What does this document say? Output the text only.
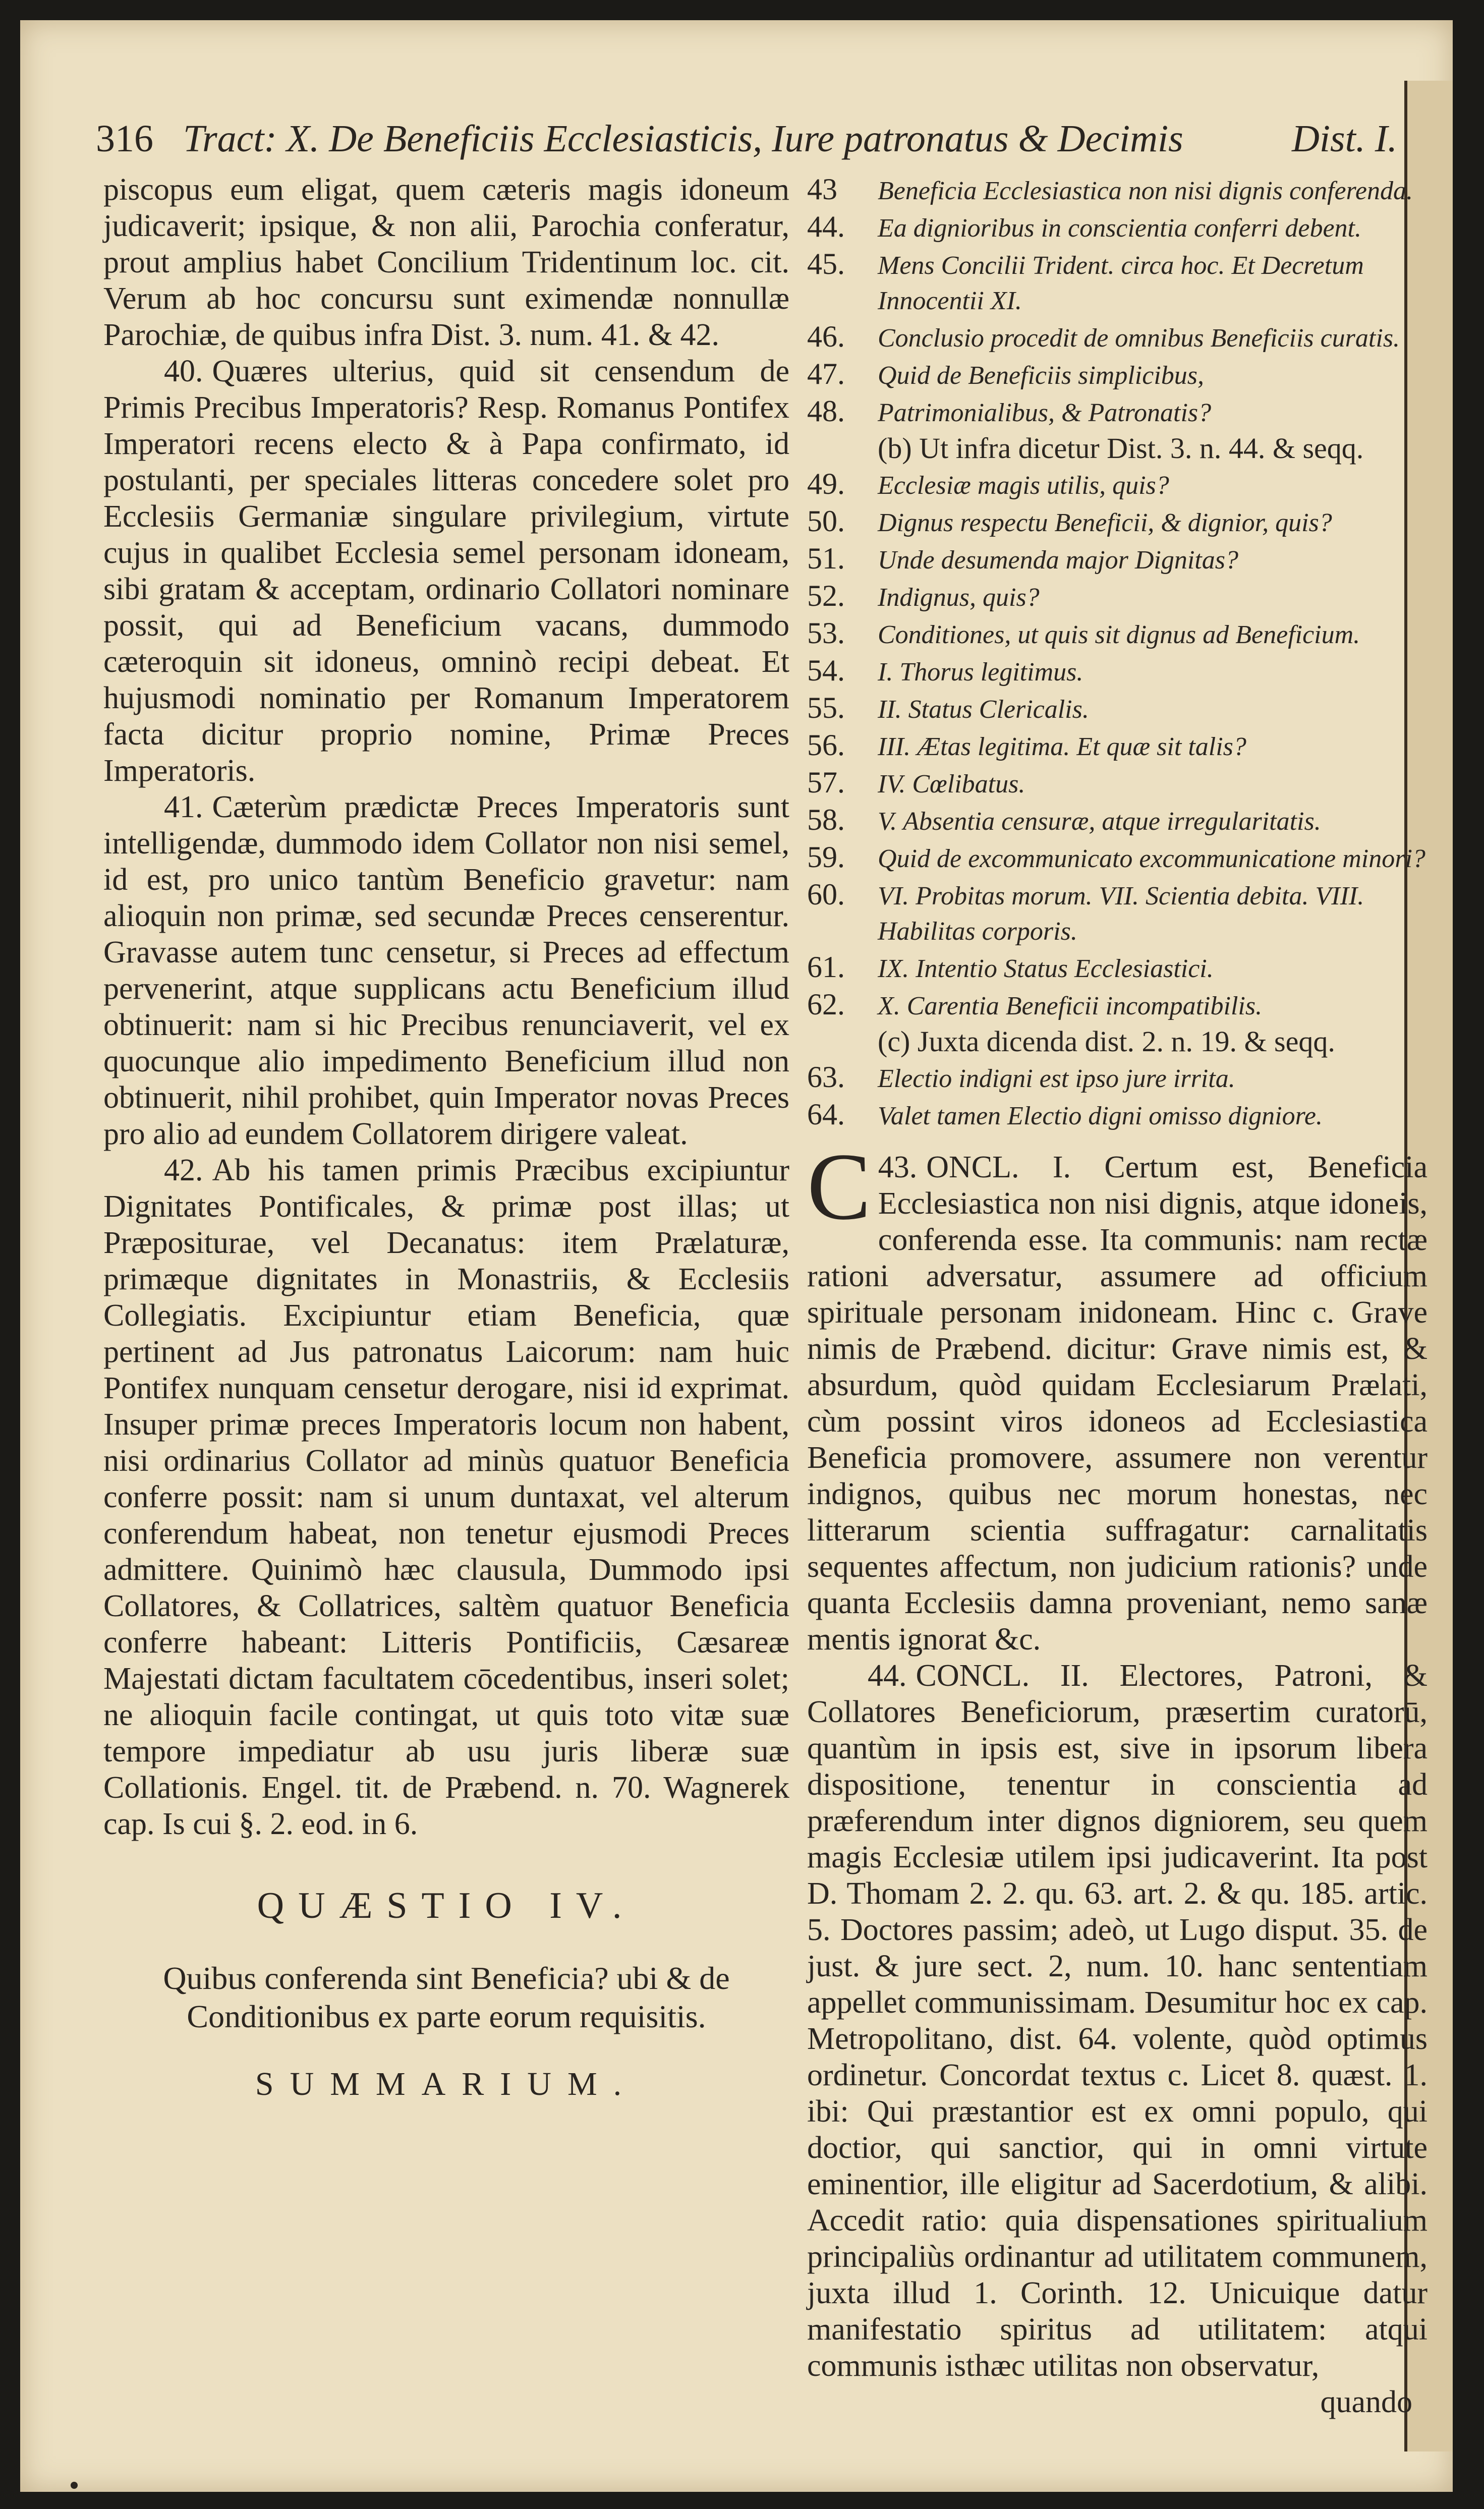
316 Tract: X. De Beneficiis Ecclesiasticis, Iure patronatus & Decimis	Dist. I.

piscopus eum eligat, quem cæteris magis idoneum judicaverit; ipsique, & non alii, Parochia conferatur, prout amplius habet Concilium Tridentinum loc. cit. Verum ab hoc concursu sunt eximendæ nonnullæ Parochiæ, de quibus infra Dist. 3. num. 41. & 42.

40. Quæres ulterius, quid sit censendum de Primis Precibus Imperatoris? Resp. Romanus Pontifex Imperatori recens electo & à Papa confirmato, id postulanti, per speciales litteras concedere solet pro Ecclesiis Germaniæ singulare privilegium, virtute cujus in qualibet Ecclesia semel personam idoneam, sibi gratam & acceptam, ordinario Collatori nominare possit, qui ad Beneficium vacans, dummodo cæteroquin sit idoneus, omninò recipi debeat. Et hujusmodi nominatio per Romanum Imperatorem facta dicitur proprio nomine, Primæ Preces Imperatoris.

41. Cæterùm prædictæ Preces Imperatoris sunt intelligendæ, dummodo idem Collator non nisi semel, id est, pro unico tantùm Beneficio gravetur: nam alioquin non primæ, sed secundæ Preces censerentur. Gravasse autem tunc censetur, si Preces ad effectum pervenerint, atque supplicans actu Beneficium illud obtinuerit: nam si hic Precibus renunciaverit, vel ex quocunque alio impedimento Beneficium illud non obtinuerit, nihil prohibet, quin Imperator novas Preces pro alio ad eundem Collatorem dirigere valeat.

42. Ab his tamen primis Præcibus excipiuntur Dignitates Pontificales, & primæ post illas; ut Præpositurae, vel Decanatus: item Prælaturæ, primæque dignitates in Monastriis, & Ecclesiis Collegiatis. Excipiuntur etiam Beneficia, quæ pertinent ad Jus patronatus Laicorum: nam huic Pontifex nunquam censetur derogare, nisi id exprimat. Insuper primæ preces Imperatoris locum non habent, nisi ordinarius Collator ad minùs quatuor Beneficia conferre possit: nam si unum duntaxat, vel alterum conferendum habeat, non tenetur ejusmodi Preces admittere. Quinimò hæc clausula, Dummodo ipsi Collatores, & Collatrices, saltèm quatuor Beneficia conferre habeant: Litteris Pontificiis, Cæsareæ Majestati dictam facultatem cōcedentibus, inseri solet; ne alioquin facile contingat, ut quis toto vitæ suæ tempore impediatur ab usu juris liberæ suæ Collationis. Engel. tit. de Præbend. n. 70. Wagnerek cap. Is cui §. 2. eod. in 6.

QUÆSTIO IV.
Quibus conferenda sint Beneficia? ubi & de Conditionibus ex parte eorum requisitis.
SUMMARIUM.
43	Beneficia Ecclesiastica non nisi dignis conferenda.
44.	Ea dignioribus in conscientia conferri debent.
45.	Mens Concilii Trident. circa hoc. Et Decretum Innocentii XI.
46.	Conclusio procedit de omnibus Beneficiis curatis.
47.	Quid de Beneficiis simplicibus,
48.	Patrimonialibus, & Patronatis?
(b) Ut infra dicetur Dist. 3. n. 44. & seqq.
49.	Ecclesiæ magis utilis, quis?
50.	Dignus respectu Beneficii, & dignior, quis?
51.	Unde desumenda major Dignitas?
52.	Indignus, quis?
53.	Conditiones, ut quis sit dignus ad Beneficium.
54.	I. Thorus legitimus.
55.	II. Status Clericalis.
56.	III. Ætas legitima. Et quæ sit talis?
57.	IV. Cœlibatus.
58.	V. Absentia censuræ, atque irregularitatis.
59.	Quid de excommunicato excommunicatione minori?
60.	VI. Probitas morum. VII. Scientia debita. VIII. Habilitas corporis.
61.	IX. Intentio Status Ecclesiastici.
62.	X. Carentia Beneficii incompatibilis.
(c) Juxta dicenda dist. 2. n. 19. & seqq.
63.	Electio indigni est ipso jure irrita.
64.	Valet tamen Electio digni omisso digniore.

43.
C ONCL. I. Certum est, Beneficia Ecclesiastica non nisi dignis, atque idoneis, conferenda esse. Ita communis: nam rectæ rationi adversatur, assumere ad officium spirituale personam inidoneam. Hinc c. Grave nimis de Præbend. dicitur: Grave nimis est, & absurdum, quòd quidam Ecclesiarum Prælati, cùm possint viros idoneos ad Ecclesiastica Beneficia promovere, assumere non verentur indignos, quibus nec morum honestas, nec litterarum scientia suffragatur: carnalitatis sequentes affectum, non judicium rationis? unde quanta Ecclesiis damna proveniant, nemo sanæ mentis ignorat &c.

44. CONCL. II. Electores, Patroni, & Collatores Beneficiorum, præsertim curatorū, quantùm in ipsis est, sive in ipsorum libera dispositione, tenentur in conscientia ad præferendum inter dignos digniorem, seu quem magis Ecclesiæ utilem ipsi judicaverint. Ita post D. Thomam 2. 2. qu. 63. art. 2. & qu. 185. artic. 5. Doctores passim; adeò, ut Lugo disput. 35. de just. & jure sect. 2, num. 10. hanc sententiam appellet communissimam. Desumitur hoc ex cap. Metropolitano, dist. 64. volente, quòd optimus ordinetur. Concordat textus c. Licet 8. quæst. 1. ibi: Qui præstantior est ex omni populo, qui doctior, qui sanctior, qui in omni virtute eminentior, ille eligitur ad Sacerdotium, & alibi. Accedit ratio: quia dispensationes spiritualium principaliùs ordinantur ad utilitatem communem, juxta illud 1. Corinth. 12. Unicuique datur manifestatio spiritus ad utilitatem: atqui communis isthæc utilitas non observatur,

quando
